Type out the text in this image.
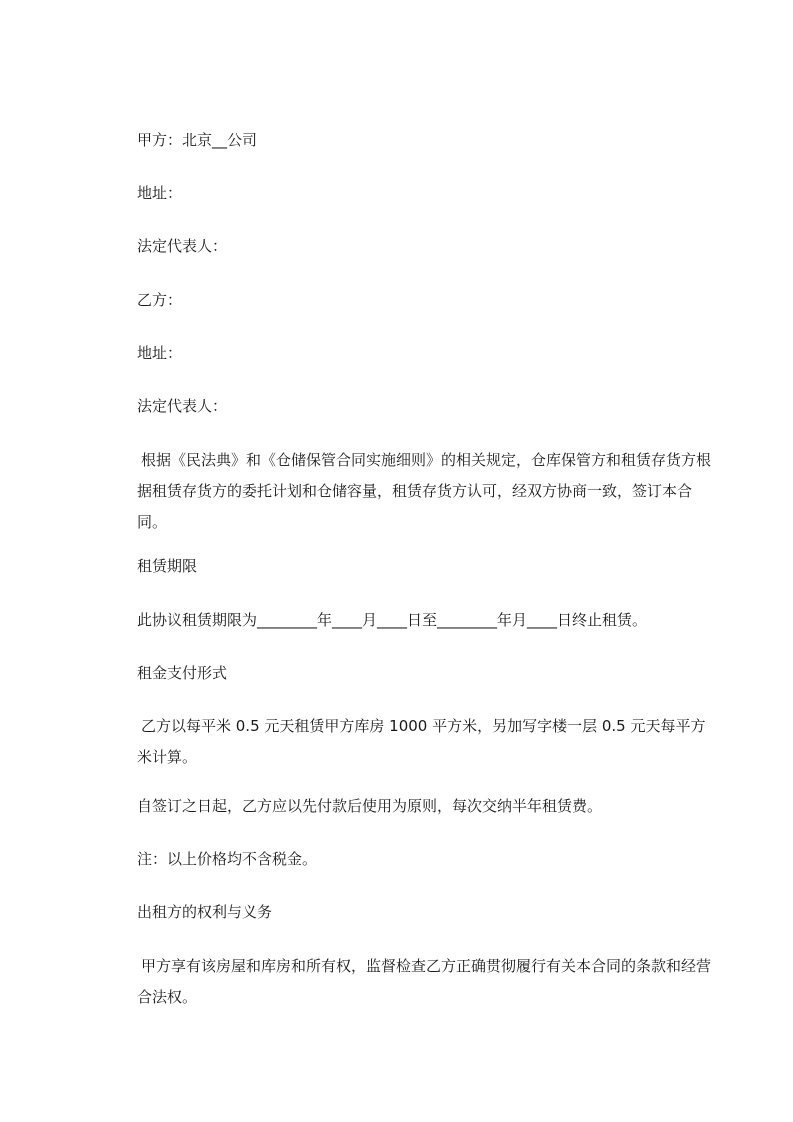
甲方：北京__公司

地址：

法定代表人：

乙方：

地址：

法定代表人：

根据《民法典》和《仓储保管合同实施细则》的相关规定，仓库保管方和租赁存货方根据租赁存货方的委托计划和仓储容量，租赁存货方认可，经双方协商一致，签订本合同。

租赁期限

此协议租赁期限为________年____月____日至________年月____日终止租赁。

租金支付形式

乙方以每平米 0.5 元天租赁甲方库房 1000 平方米，另加写字楼一层 0.5 元天每平方米计算。

自签订之日起，乙方应以先付款后使用为原则，每次交纳半年租赁费。

注：以上价格均不含税金。

出租方的权利与义务

甲方享有该房屋和库房和所有权，监督检查乙方正确贯彻履行有关本合同的条款和经营合法权。
